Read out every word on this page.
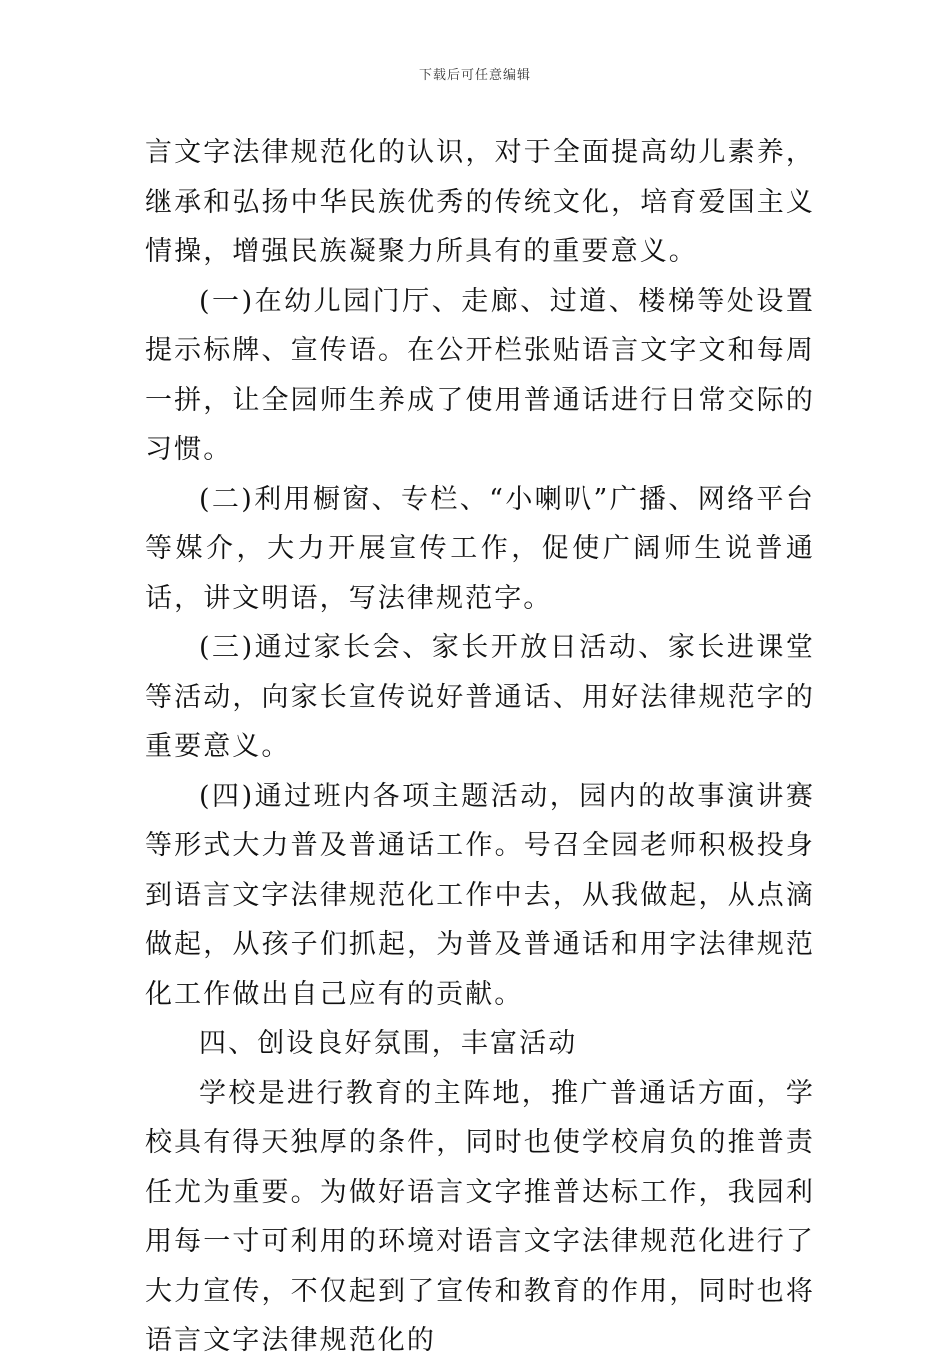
下载后可任意编辑

言文字法律规范化的认识，对于全面提高幼儿素养，继承和弘扬中华民族优秀的传统文化，培育爱国主义情操，增强民族凝聚力所具有的重要意义。

(一)在幼儿园门厅、走廊、过道、楼梯等处设置提示标牌、宣传语。在公开栏张贴语言文字文和每周一拼，让全园师生养成了使用普通话进行日常交际的习惯。

(二)利用橱窗、专栏、“小喇叭”广播、网络平台等媒介，大力开展宣传工作，促使广阔师生说普通话，讲文明语，写法律规范字。

(三)通过家长会、家长开放日活动、家长进课堂等活动，向家长宣传说好普通话、用好法律规范字的重要意义。

(四)通过班内各项主题活动，园内的故事演讲赛等形式大力普及普通话工作。号召全园老师积极投身到语言文字法律规范化工作中去，从我做起，从点滴做起，从孩子们抓起，为普及普通话和用字法律规范化工作做出自己应有的贡献。

四、创设良好氛围，丰富活动

学校是进行教育的主阵地，推广普通话方面，学校具有得天独厚的条件，同时也使学校肩负的推普责任尤为重要。为做好语言文字推普达标工作，我园利用每一寸可利用的环境对语言文字法律规范化进行了大力宣传，不仅起到了宣传和教育的作用，同时也将语言文字法律规范化的
